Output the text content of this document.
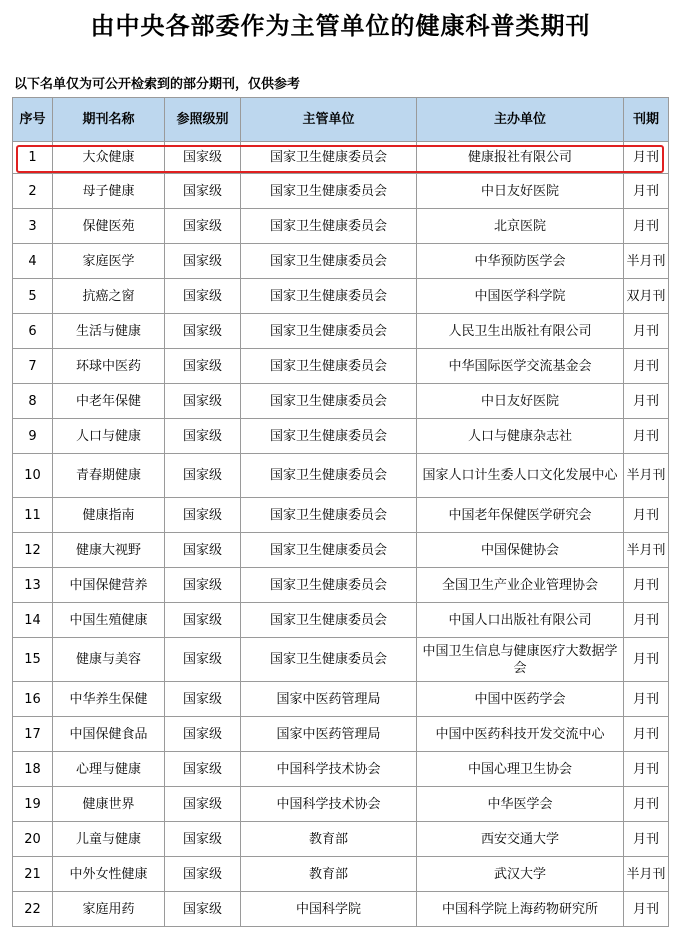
由中央各部委作为主管单位的健康科普类期刊
以下名单仅为可公开检索到的部分期刊，仅供参考
序号	期刊名称	参照级别	主管单位	主办单位	刊期
1	大众健康	国家级	国家卫生健康委员会	健康报社有限公司	月刊
2	母子健康	国家级	国家卫生健康委员会	中日友好医院	月刊
3	保健医苑	国家级	国家卫生健康委员会	北京医院	月刊
4	家庭医学	国家级	国家卫生健康委员会	中华预防医学会	半月刊
5	抗癌之窗	国家级	国家卫生健康委员会	中国医学科学院	双月刊
6	生活与健康	国家级	国家卫生健康委员会	人民卫生出版社有限公司	月刊
7	环球中医药	国家级	国家卫生健康委员会	中华国际医学交流基金会	月刊
8	中老年保健	国家级	国家卫生健康委员会	中日友好医院	月刊
9	人口与健康	国家级	国家卫生健康委员会	人口与健康杂志社	月刊
10	青春期健康	国家级	国家卫生健康委员会	国家人口计生委人口文化发展中心	半月刊
11	健康指南	国家级	国家卫生健康委员会	中国老年保健医学研究会	月刊
12	健康大视野	国家级	国家卫生健康委员会	中国保健协会	半月刊
13	中国保健营养	国家级	国家卫生健康委员会	全国卫生产业企业管理协会	月刊
14	中国生殖健康	国家级	国家卫生健康委员会	中国人口出版社有限公司	月刊
15	健康与美容	国家级	国家卫生健康委员会	中国卫生信息与健康医疗大数据学会	月刊
16	中华养生保健	国家级	国家中医药管理局	中国中医药学会	月刊
17	中国保健食品	国家级	国家中医药管理局	中国中医药科技开发交流中心	月刊
18	心理与健康	国家级	中国科学技术协会	中国心理卫生协会	月刊
19	健康世界	国家级	中国科学技术协会	中华医学会	月刊
20	儿童与健康	国家级	教育部	西安交通大学	月刊
21	中外女性健康	国家级	教育部	武汉大学	半月刊
22	家庭用药	国家级	中国科学院	中国科学院上海药物研究所	月刊
